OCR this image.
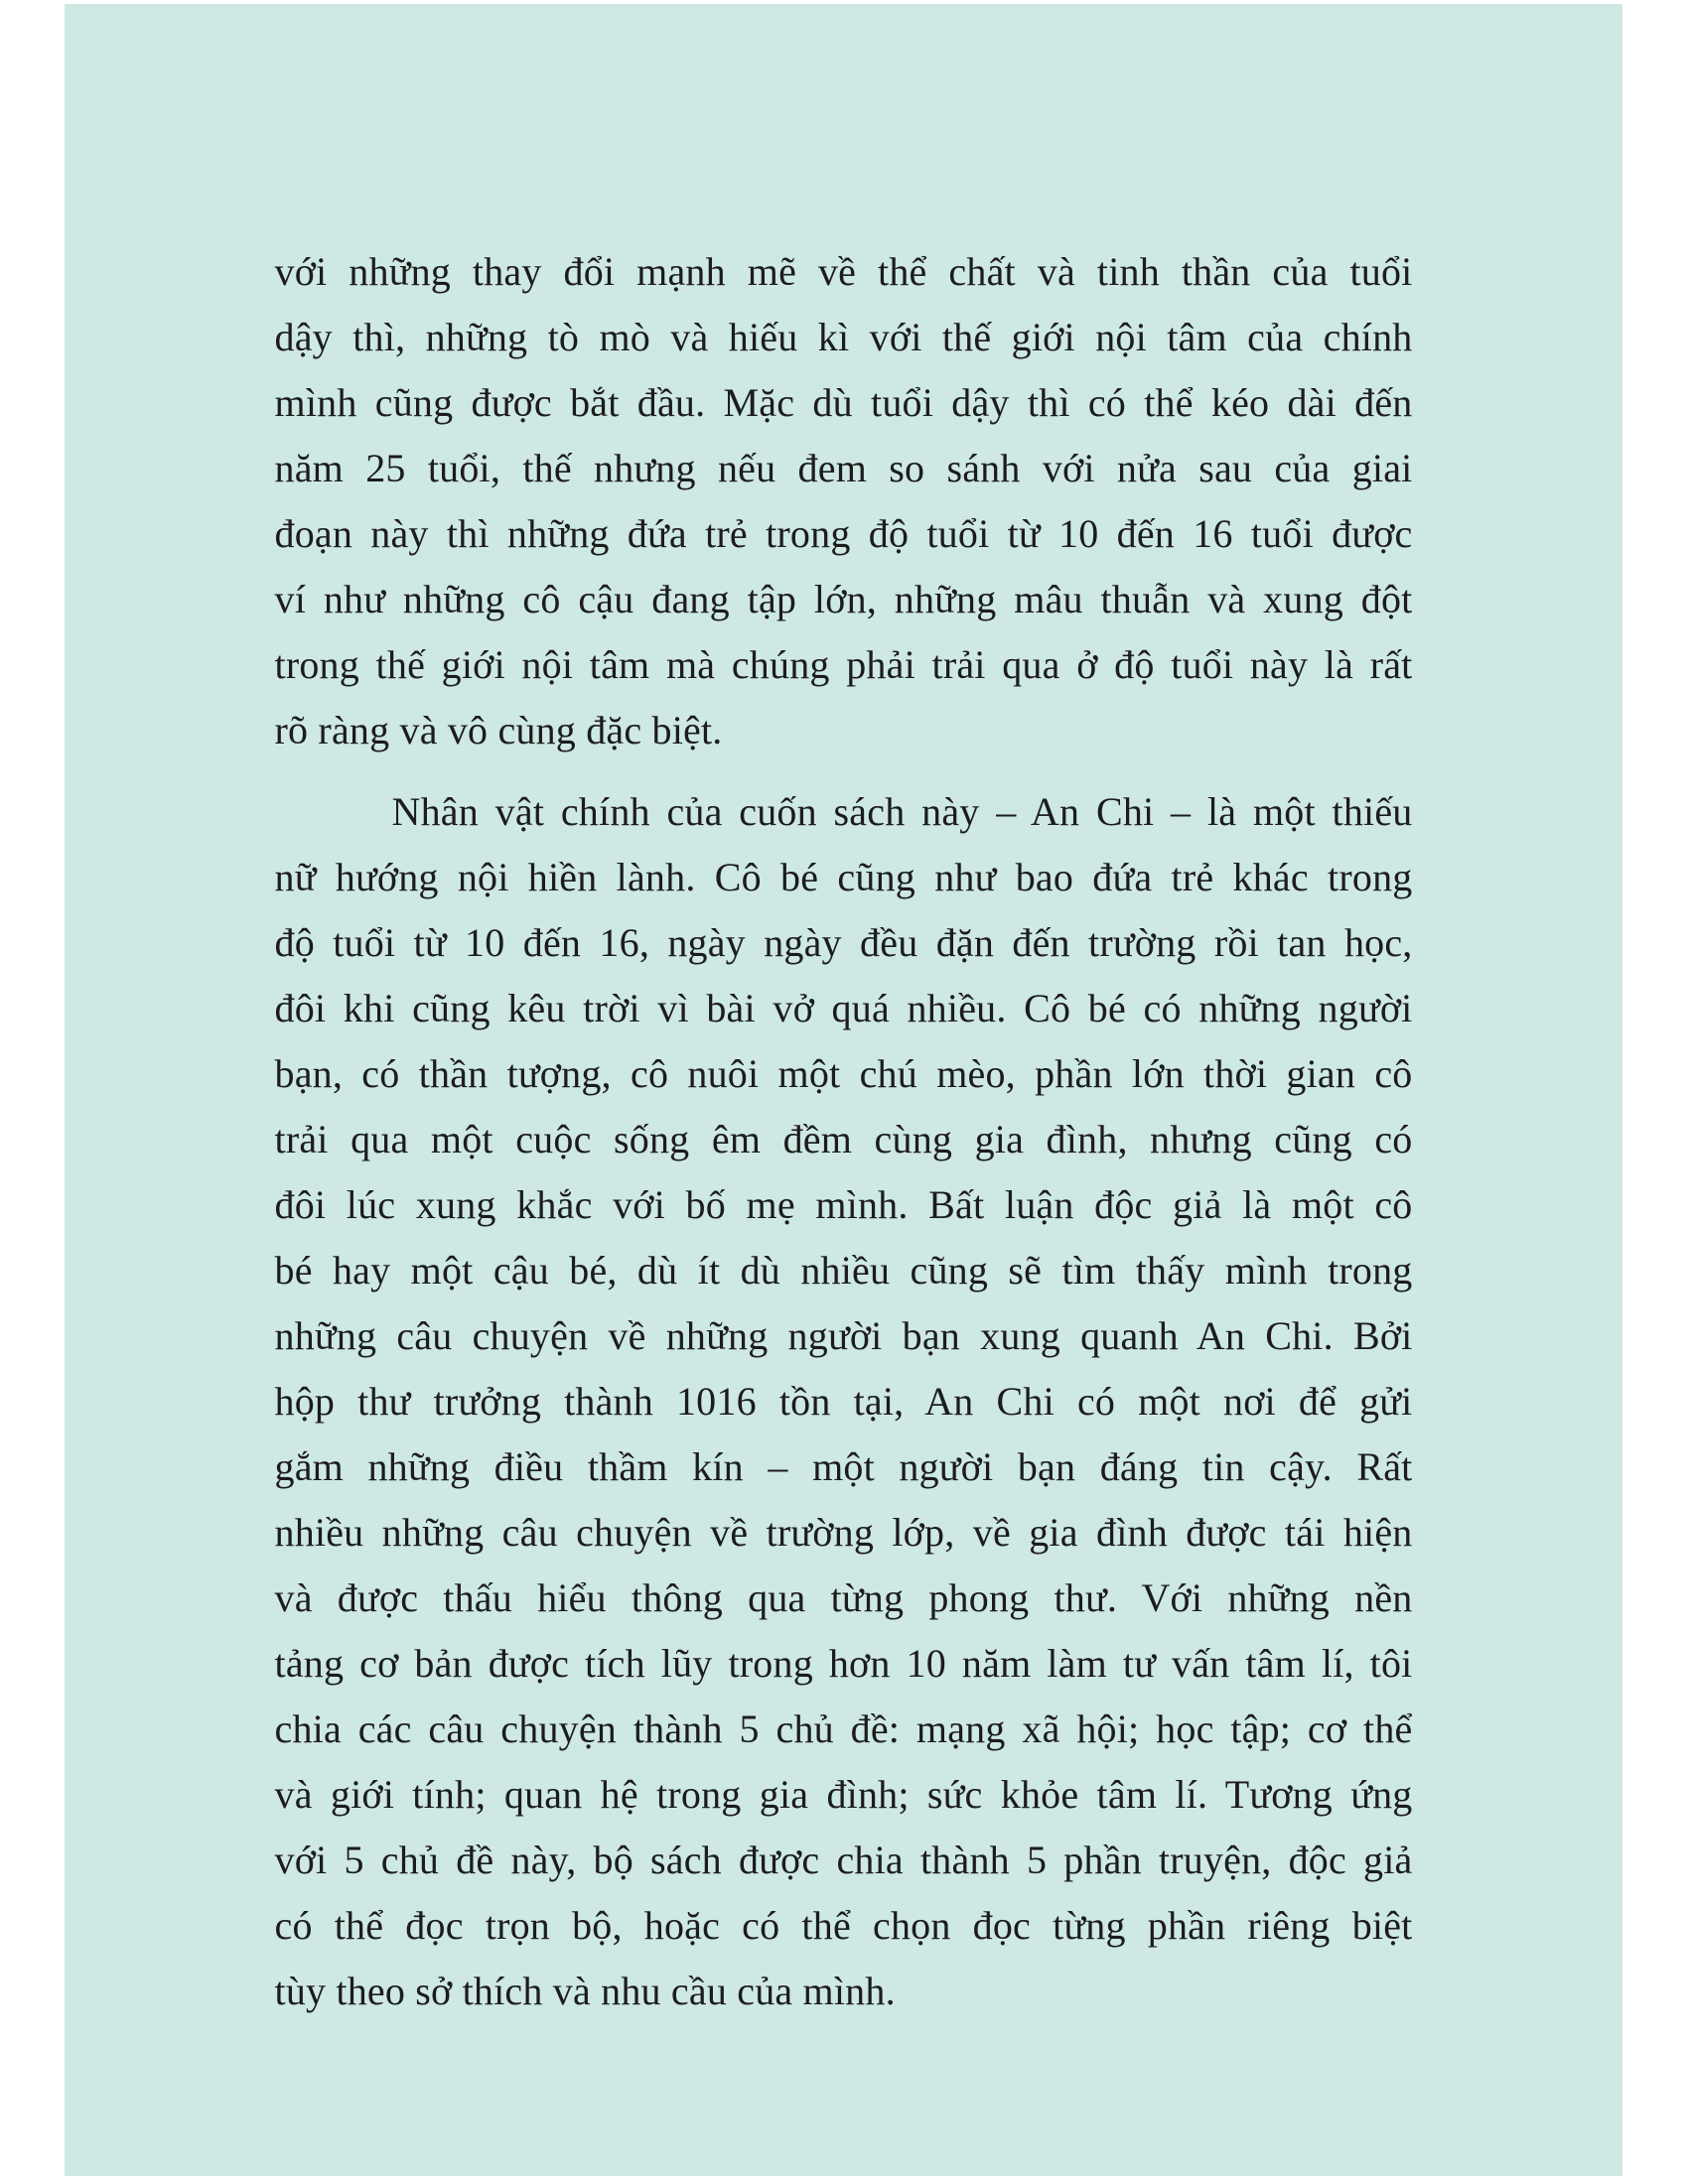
với những thay đổi mạnh mẽ về thể chất và tinh thần của tuổi
dậy thì, những tò mò và hiếu kì với thế giới nội tâm của chính
mình cũng được bắt đầu. Mặc dù tuổi dậy thì có thể kéo dài đến
năm 25 tuổi, thế nhưng nếu đem so sánh với nửa sau của giai
đoạn này thì những đứa trẻ trong độ tuổi từ 10 đến 16 tuổi được
ví như những cô cậu đang tập lớn, những mâu thuẫn và xung đột
trong thế giới nội tâm mà chúng phải trải qua ở độ tuổi này là rất
rõ ràng và vô cùng đặc biệt.
Nhân vật chính của cuốn sách này – An Chi – là một thiếu
nữ hướng nội hiền lành. Cô bé cũng như bao đứa trẻ khác trong
độ tuổi từ 10 đến 16, ngày ngày đều đặn đến trường rồi tan học,
đôi khi cũng kêu trời vì bài vở quá nhiều. Cô bé có những người
bạn, có thần tượng, cô nuôi một chú mèo, phần lớn thời gian cô
trải qua một cuộc sống êm đềm cùng gia đình, nhưng cũng có
đôi lúc xung khắc với bố mẹ mình. Bất luận độc giả là một cô
bé hay một cậu bé, dù ít dù nhiều cũng sẽ tìm thấy mình trong
những câu chuyện về những người bạn xung quanh An Chi. Bởi
hộp thư trưởng thành 1016 tồn tại, An Chi có một nơi để gửi
gắm những điều thầm kín – một người bạn đáng tin cậy. Rất
nhiều những câu chuyện về trường lớp, về gia đình được tái hiện
và được thấu hiểu thông qua từng phong thư. Với những nền
tảng cơ bản được tích lũy trong hơn 10 năm làm tư vấn tâm lí, tôi
chia các câu chuyện thành 5 chủ đề: mạng xã hội; học tập; cơ thể
và giới tính; quan hệ trong gia đình; sức khỏe tâm lí. Tương ứng
với 5 chủ đề này, bộ sách được chia thành 5 phần truyện, độc giả
có thể đọc trọn bộ, hoặc có thể chọn đọc từng phần riêng biệt
tùy theo sở thích và nhu cầu của mình.
